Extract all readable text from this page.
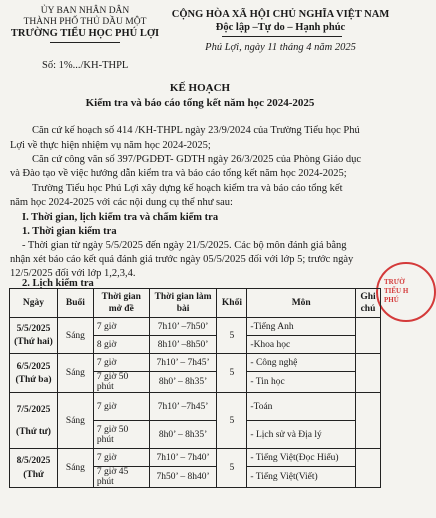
ỦY BAN NHÂN DÂN
THÀNH PHỐ THỦ DẦU MỘT
TRƯỜNG TIỂU HỌC PHÚ LỢI
Số: 1%.../KH-THPL
CỘNG HÒA XÃ HỘI CHỦ NGHĨA VIỆT NAM
Độc lập –Tự do – Hạnh phúc
Phú Lợi, ngày 11 tháng 4 năm 2025
KẾ HOẠCH
Kiểm tra và báo cáo tổng kết năm học 2024-2025
Căn cứ kế hoạch số 414 /KH-THPL ngày 23/9/2024 của Trường Tiểu học Phú
Lợi về thực hiện nhiệm vụ năm học 2024-2025;
Căn cứ công văn số 397/PGDĐT- GDTH ngày 26/3/2025 của Phòng Giáo dục
và Đào tạo về việc hướng dẫn kiểm tra và báo cáo tổng kết năm học 2024-2025;
Trường Tiểu học Phú Lợi xây dựng kế hoạch kiểm tra và báo cáo tổng kết
năm học 2024-2025 với các nội dung cụ thể như sau:
I. Thời gian, lịch kiểm tra và chấm kiểm tra
1. Thời gian kiểm tra
- Thời gian từ ngày 5/5/2025 đến ngày 21/5/2025. Các bộ môn đánh giá bằng
nhận xét báo cáo kết quả đánh giá trước ngày 05/5/2025 đối với lớp 5; trước ngày
12/5/2025 đối với lớp 1,2,3,4.
2. Lịch kiểm tra	TRƯỜ
TIỂU H
PHÚ
Ngày	Buổi	Thời gian mở đề	Thời gian làm bài	Khối	Môn	Ghi chú

5/5/2025
(Thứ hai)	Sáng	7 giờ	7h10’ –7h50’	5	-Tiếng Anh	
		8 giờ	8h10’ –8h50’		-Khoa học	

6/5/2025
(Thứ ba)	Sáng	7 giờ	7h10’ – 7h45’	5	- Công nghệ	
		7 giờ 50 phút	8h0’ – 8h35’		- Tin học	

7/5/2025
(Thứ tư)	Sáng	7 giờ	7h10’ –7h45’	5	-Toán	
		7 giờ 50 phút	8h0’ – 8h35’		- Lịch sử và Địa lý	

8/5/2025
(Thứ	Sáng	7 giờ	7h10’ – 7h40’	5	- Tiếng Việt(Đọc Hiểu)	
		7 giờ 45 phút	7h50’ – 8h40’		- Tiếng Việt(Viết)	
